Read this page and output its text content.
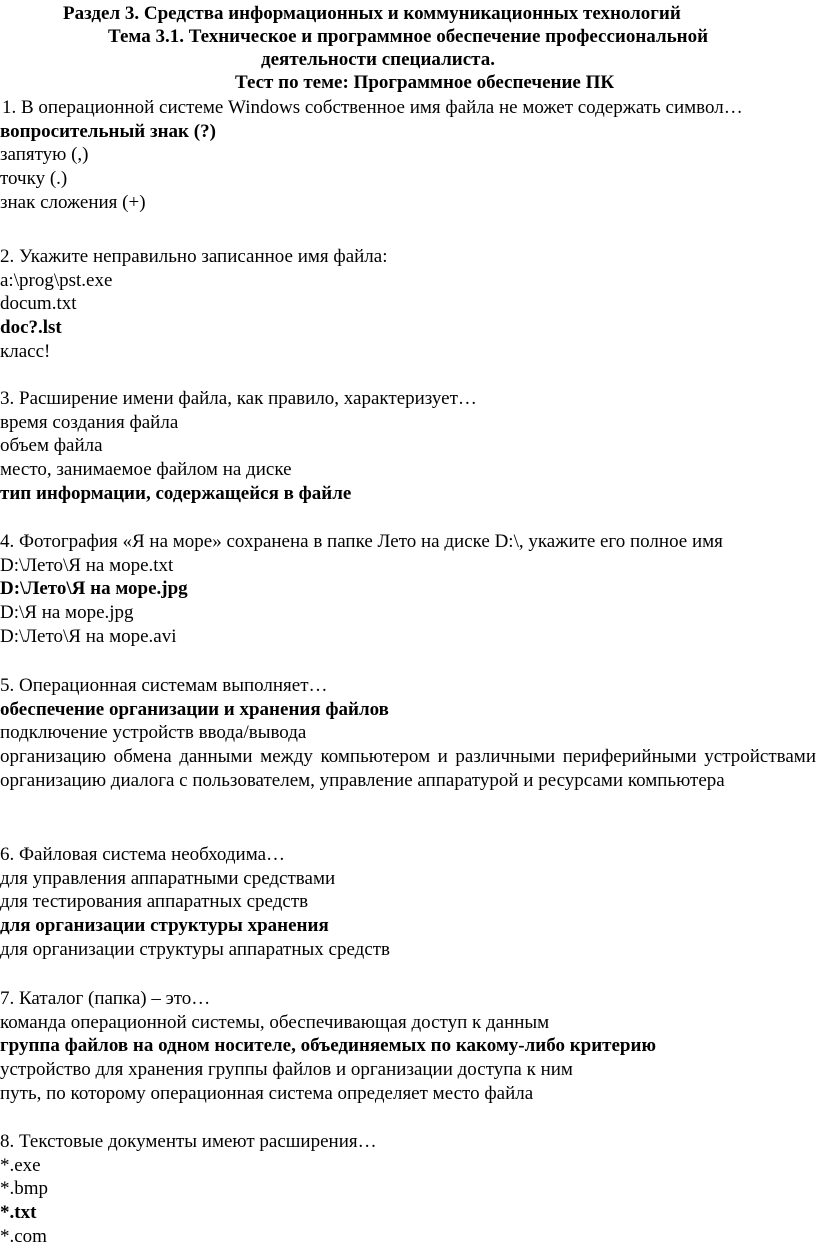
Раздел 3. Средства информационных и коммуникационных технологий
Тема 3.1. Техническое и программное обеспечение профессиональной
деятельности специалиста.
Тест по теме: Программное обеспечение ПК
1. В операционной системе Windows собственное имя файла не может содержать символ…
вопросительный знак (?)
запятую (,)
точку (.)
знак сложения (+)
2. Укажите неправильно записанное имя файла:
a:\prog\pst.exe
docum.txt
doc?.lst
класс!
3. Расширение имени файла, как правило, характеризует…
время создания файла
объем файла
место, занимаемое файлом на диске
тип информации, содержащейся в файле
4. Фотография «Я на море» сохранена в папке Лето на диске D:\, укажите его полное имя
D:\Лето\Я на море.txt
D:\Лето\Я на море.jpg
D:\Я на море.jpg
D:\Лето\Я на море.avi
5. Операционная системам выполняет…
обеспечение организации и хранения файлов
подключение устройств ввода/вывода
организацию обмена данными между компьютером и различными периферийными устройствами
организацию диалога с пользователем, управление аппаратурой и ресурсами компьютера
6. Файловая система необходима…
для управления аппаратными средствами
для тестирования аппаратных средств
для организации структуры хранения
для организации структуры аппаратных средств
7. Каталог (папка) – это…
команда операционной системы, обеспечивающая доступ к данным
группа файлов на одном носителе, объединяемых по какому-либо критерию
устройство для хранения группы файлов и организации доступа к ним
путь, по которому операционная система определяет место файла
8. Текстовые документы имеют расширения…
*.exe
*.bmp
*.txt
*.com
